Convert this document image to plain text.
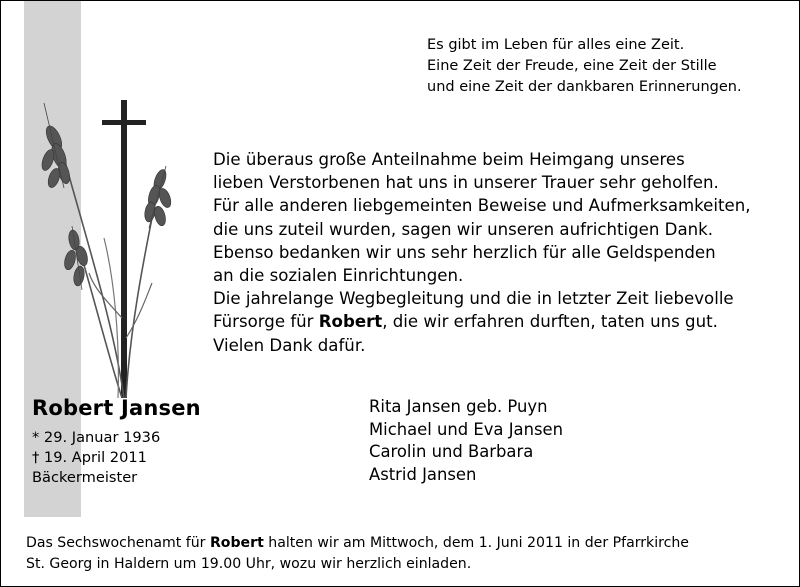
Es gibt im Leben für alles eine Zeit.
Eine Zeit der Freude, eine Zeit der Stille
und eine Zeit der dankbaren Erinnerungen.
Die überaus große Anteilnahme beim Heimgang unseres
lieben Verstorbenen hat uns in unserer Trauer sehr geholfen.
Für alle anderen liebgemeinten Beweise und Aufmerksamkeiten,
die uns zuteil wurden, sagen wir unseren aufrichtigen Dank.
Ebenso bedanken wir uns sehr herzlich für alle Geldspenden
an die sozialen Einrichtungen.
Die jahrelange Wegbegleitung und die in letzter Zeit liebevolle
Fürsorge für Robert, die wir erfahren durften, taten uns gut.
Vielen Dank dafür.
Robert Jansen
* 29. Januar 1936
† 19. April 2011
Bäckermeister
Rita Jansen geb. Puyn
Michael und Eva Jansen
Carolin und Barbara
Astrid Jansen
Das Sechswochenamt für Robert halten wir am Mittwoch, dem 1. Juni 2011 in der Pfarrkirche
St. Georg in Haldern um 19.00 Uhr, wozu wir herzlich einladen.
